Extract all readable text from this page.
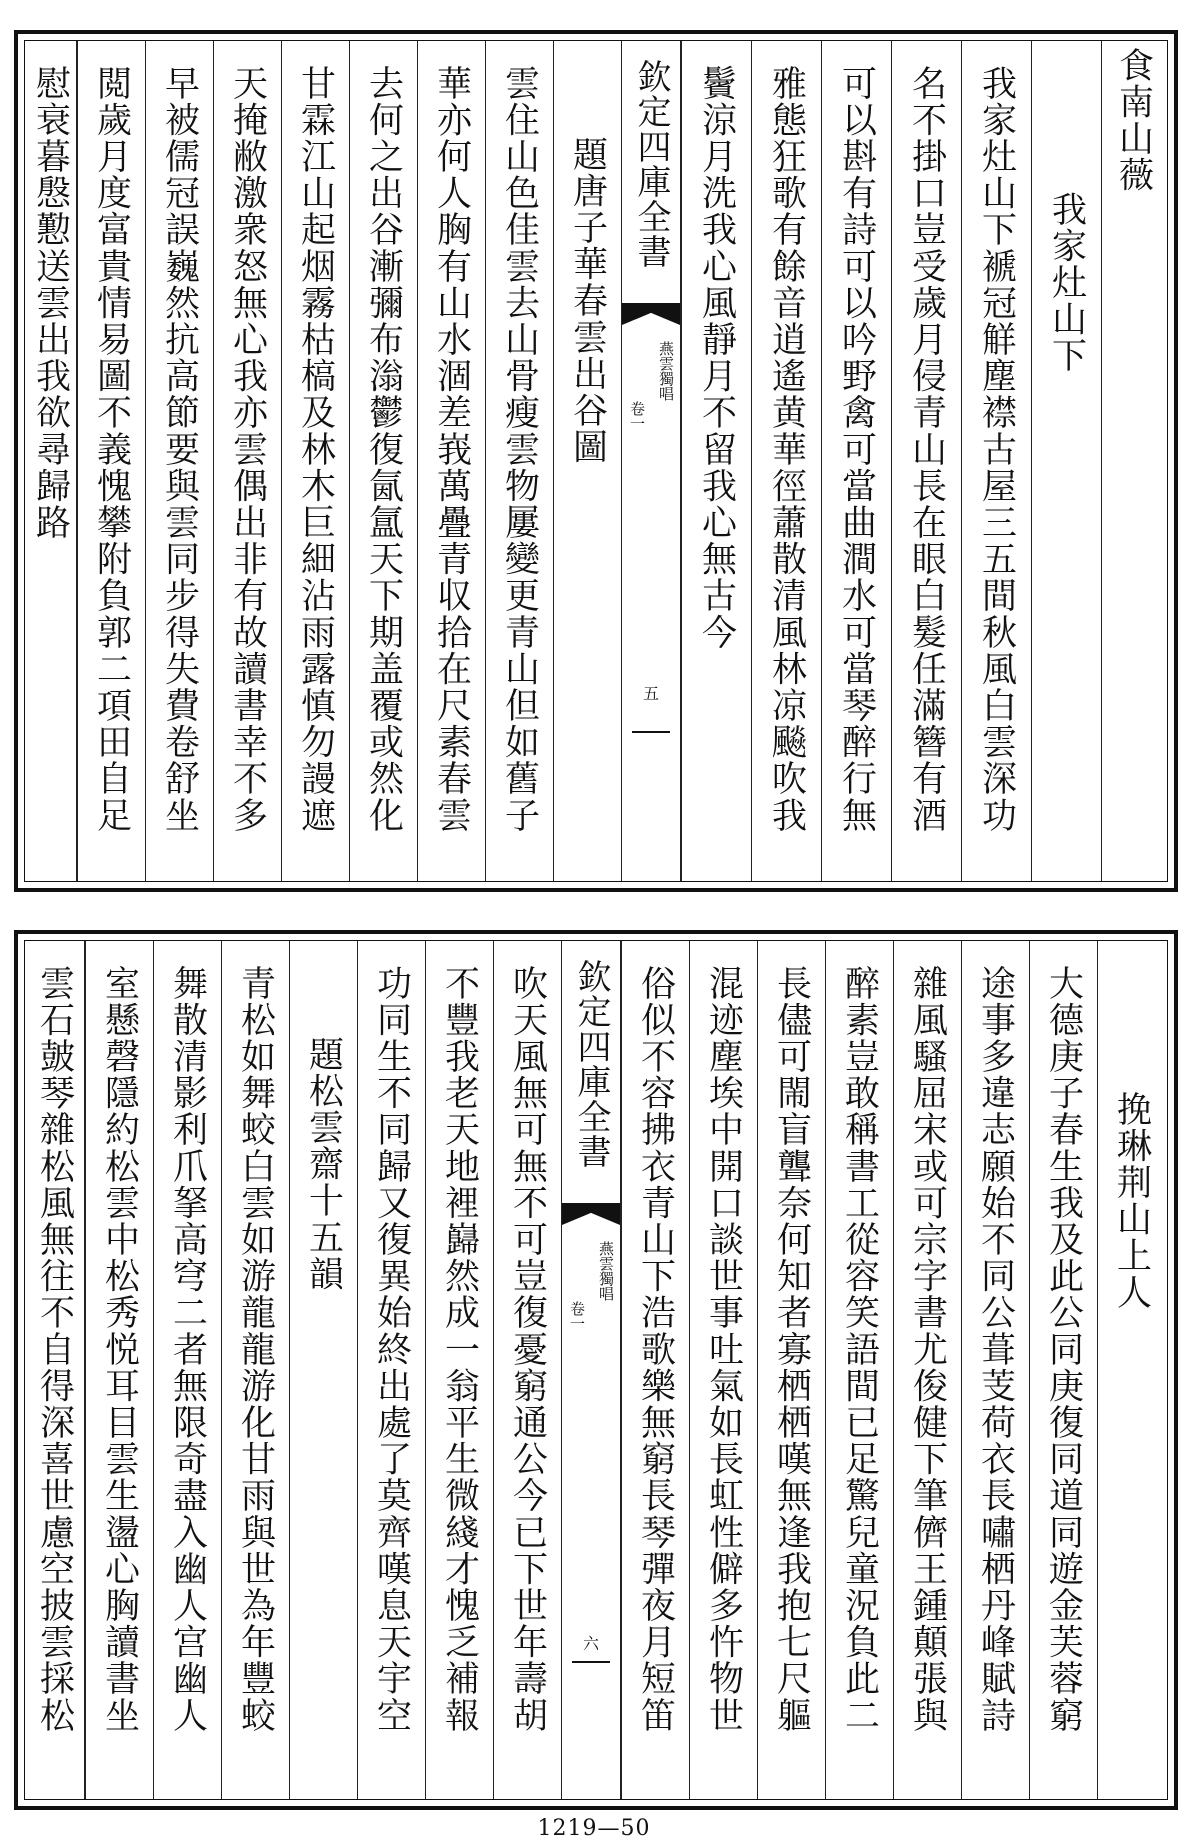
食南山薇
我家灶山下
我家灶山下褫冠觧塵襟古屋三五間秋風白雲深功
名不掛口豈受歲月侵青山長在眼白髮任滿簪有酒
可以斟有詩可以吟野禽可當曲澗水可當琴醉行無
雅態狂歌有餘音逍遙黄華徑蕭散清風林凉飈吹我
鬢涼月洗我心風靜月不留我心無古今
欽定四庫全書
燕雲獨唱
卷一
五
題唐子華春雲出谷圖
雲住山色佳雲去山骨瘦雲物屢變更青山但如舊子
華亦何人胸有山水涸差峩萬疊青収拾在尺素春雲
去何之出谷漸彌布滃鬱復氤氲天下期盖覆或然化
甘霖江山起烟霧枯槁及林木巨細沾雨露慎勿謾遮
天掩敝激衆怒無心我亦雲偶出非有故讀書幸不多
早被儒冠誤巍然抗高節要與雲同步得失費卷舒坐
閲歲月度富貴情易圖不義愧攀附負郭二項田自足
慰衰暮慇懃送雲出我欲尋歸路
挽琳荆山上人
大德庚子春生我及此公同庚復同道同遊金芙蓉窮
途事多違志願始不同公葺芰荷衣長嘯栖丹峰賦詩
雜風騷屈宋或可宗字書尤俊健下筆儕王鍾顛張與
醉素豈敢稱書工從容笑語間已足驚兒童況負此二
長儘可閙盲聾奈何知者寡栖栖嘆無逢我抱七尺軀
混迹塵埃中開口談世事吐氣如長虹性僻多忤物世
俗似不容拂衣青山下浩歌樂無窮長琴彈夜月短笛
欽定四庫全書
燕雲獨唱
卷一
六
吹天風無可無不可豈復憂窮通公今已下世年壽胡
不豐我老天地裡巋然成一翁平生微綫才愧乏補報
功同生不同歸又復異始終出處了莫齊嘆息天宇空
題松雲齋十五韻
青松如舞蛟白雲如游龍龍游化甘雨與世為年豐蛟
舞散清影利爪拏高穹二者無限奇盡入幽人宫幽人
室懸磬隱約松雲中松秀悦耳目雲生盪心胸讀書坐
雲石皷琴雜松風無往不自得深喜世慮空披雲採松
1219—50
